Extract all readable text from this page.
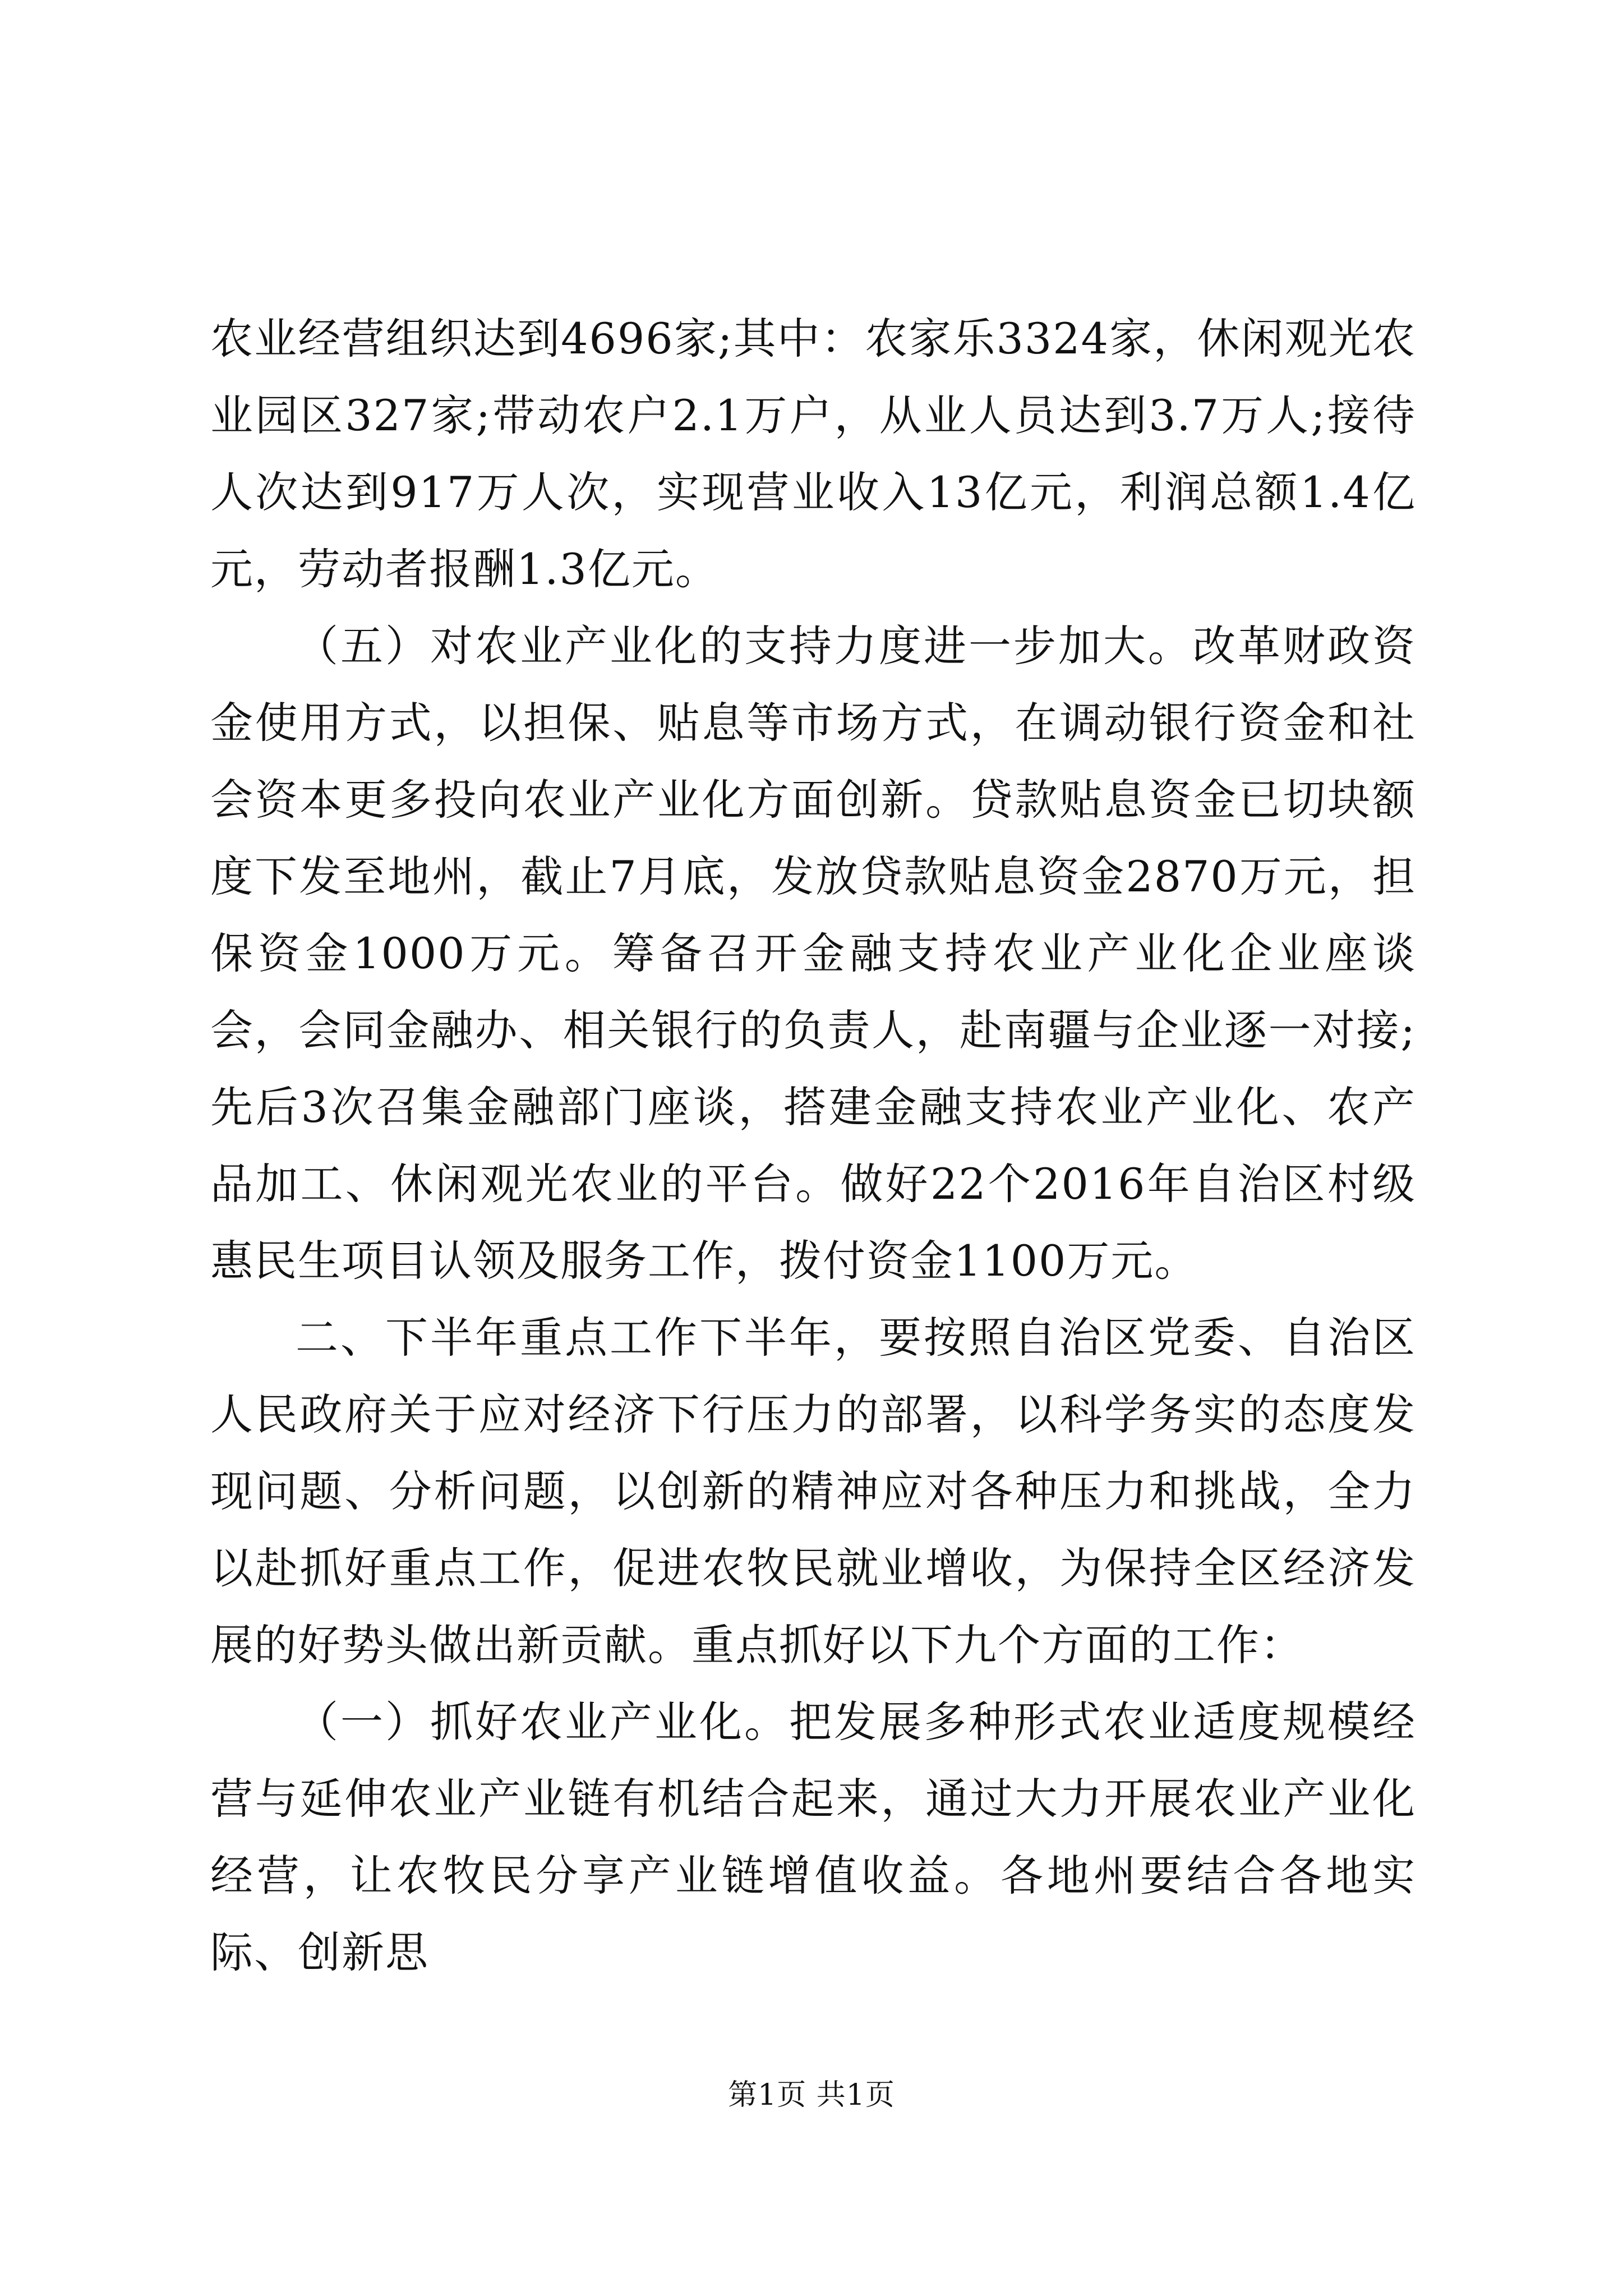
农业经营组织达到4696家;其中：农家乐3324家，休闲观光农业园区327家;带动农户2.1万户，从业人员达到3.7万人;接待人次达到917万人次，实现营业收入13亿元，利润总额1.4亿元，劳动者报酬1.3亿元。

（五）对农业产业化的支持力度进一步加大。改革财政资金使用方式，以担保、贴息等市场方式，在调动银行资金和社会资本更多投向农业产业化方面创新。贷款贴息资金已切块额度下发至地州，截止7月底，发放贷款贴息资金2870万元，担保资金1000万元。筹备召开金融支持农业产业化企业座谈会，会同金融办、相关银行的负责人，赴南疆与企业逐一对接;先后3次召集金融部门座谈，搭建金融支持农业产业化、农产品加工、休闲观光农业的平台。做好22个2016年自治区村级惠民生项目认领及服务工作，拨付资金1100万元。

二、下半年重点工作下半年，要按照自治区党委、自治区人民政府关于应对经济下行压力的部署，以科学务实的态度发现问题、分析问题，以创新的精神应对各种压力和挑战，全力以赴抓好重点工作，促进农牧民就业增收，为保持全区经济发展的好势头做出新贡献。重点抓好以下九个方面的工作：

（一）抓好农业产业化。把发展多种形式农业适度规模经营与延伸农业产业链有机结合起来，通过大力开展农业产业化经营，让农牧民分享产业链增值收益。各地州要结合各地实际、创新思

第1页 共1页
